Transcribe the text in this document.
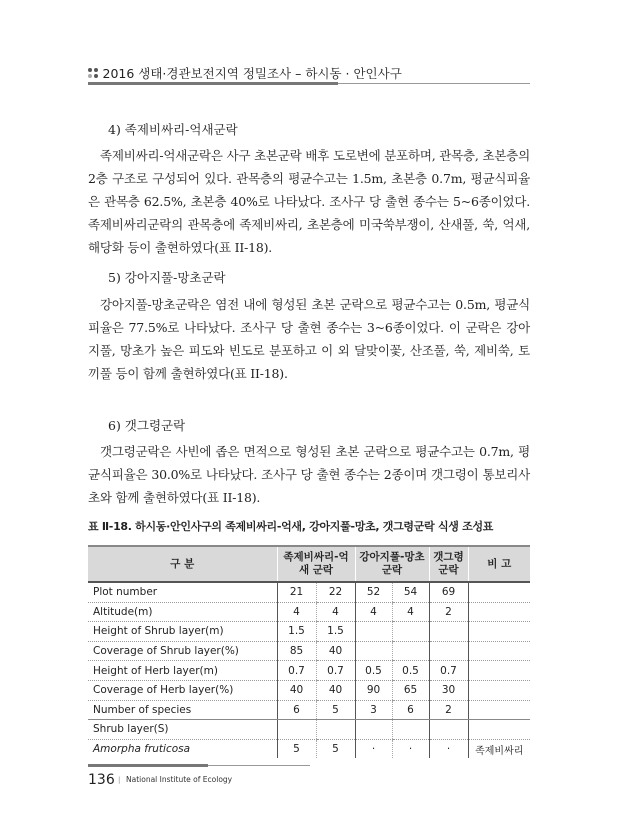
2016 생태·경관보전지역 정밀조사 – 하시동 · 안인사구
4) 족제비싸리-억새군락
족제비싸리-억새군락은 사구 초본군락 배후 도로변에 분포하며, 관목층, 초본층의 2층 구조로 구성되어 있다. 관목층의 평균수고는 1.5m, 초본층 0.7m, 평균식피율은 관목층 62.5%, 초본층 40%로 나타났다. 조사구 당 출현 종수는 5~6종이었다. 족제비싸리군락의 관목층에 족제비싸리, 초본층에 미국쑥부쟁이, 산새풀, 쑥, 억새, 해당화 등이 출현하였다(표 II-18).
5) 강아지풀-망초군락
강아지풀-망초군락은 염전 내에 형성된 초본 군락으로 평균수고는 0.5m, 평균식피율은 77.5%로 나타났다. 조사구 당 출현 종수는 3~6종이었다. 이 군락은 강아지풀, 망초가 높은 피도와 빈도로 분포하고 이 외 달맞이꽃, 산조풀, 쑥, 제비쑥, 토끼풀 등이 함께 출현하였다(표 II-18).
6) 갯그령군락
갯그령군락은 사빈에 좁은 면적으로 형성된 초본 군락으로 평균수고는 0.7m, 평균식피율은 30.0%로 나타났다. 조사구 당 출현 종수는 2종이며 갯그령이 통보리사초와 함께 출현하였다(표 II-18).
표 Ⅱ-18. 하시동·안인사구의 족제비싸리-억새, 강아지풀-망초, 갯그령군락 식생 조성표
구 분	족제비싸리-억새 군락		강아지풀-망초 군락		갯그령 군락	비 고
Plot number	21	22	52	54	69	
Altitude(m)	4	4	4	4	2	
Height of Shrub layer(m)	1.5	1.5				
Coverage of Shrub layer(%)	85	40				
Height of Herb layer(m)	0.7	0.7	0.5	0.5	0.7	
Coverage of Herb layer(%)	40	40	90	65	30	
Number of species	6	5	3	6	2	
Shrub layer(S)						
Amorpha fruticosa	5	5	·	·	·	족제비싸리
136 | National Institute of Ecology
